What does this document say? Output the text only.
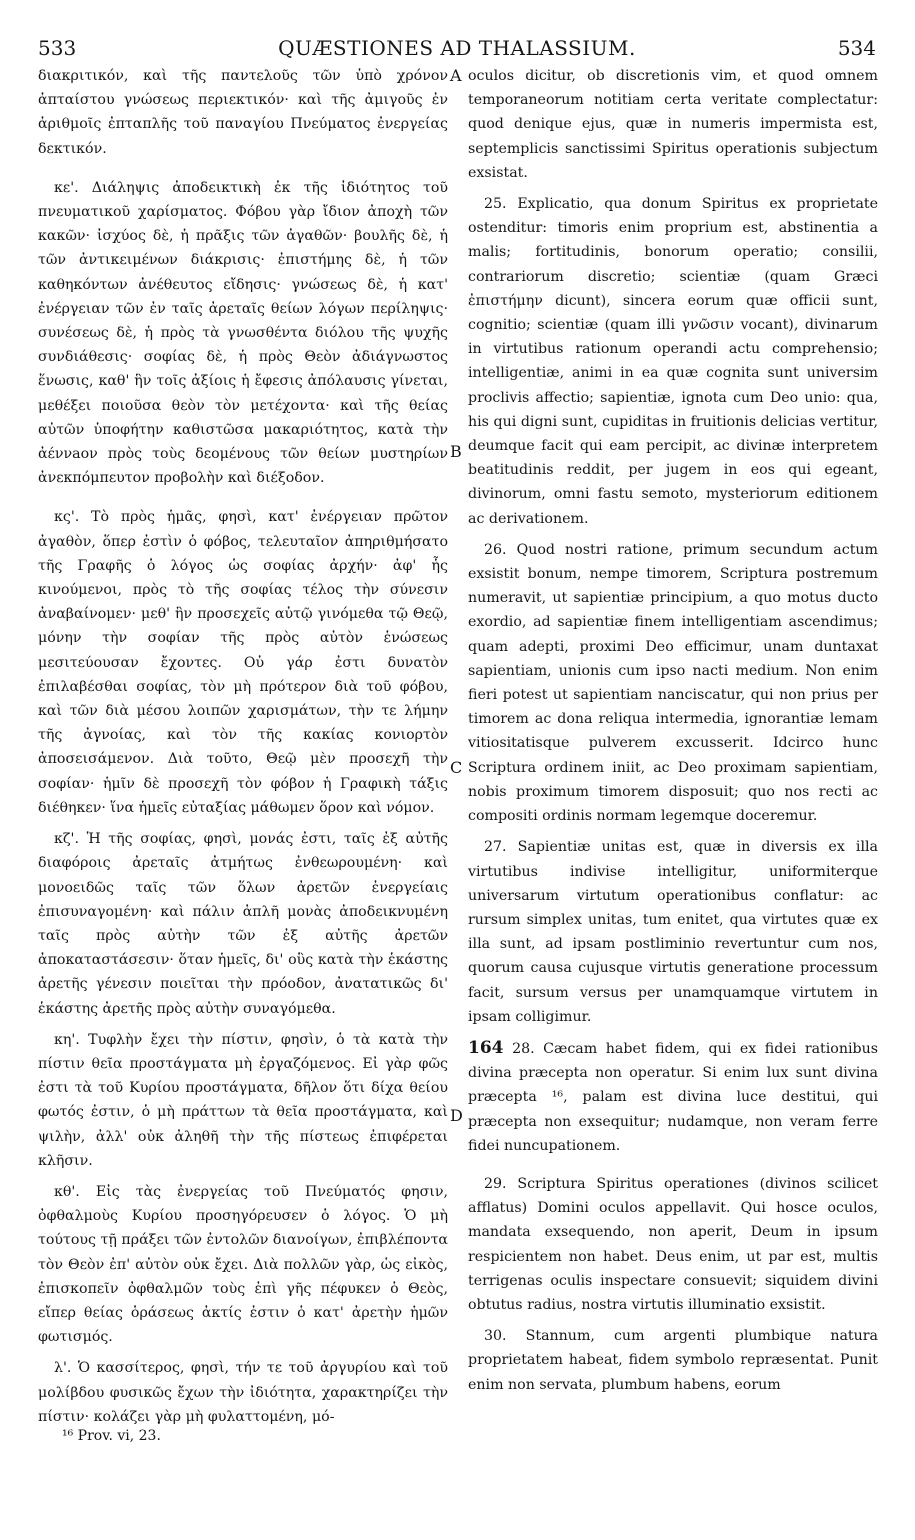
533	QUÆSTIONES AD THALASSIUM.	534

διακριτικόν, καὶ τῆς παντελοῦς τῶν ὑπὸ χρόνον ἀπταίστου γνώσεως περιεκτικόν· καὶ τῆς ἀμιγοῦς ἐν ἀριθμοῖς ἐπταπλῆς τοῦ παναγίου Πνεύματος ἐνεργείας δεκτικόν.

κε'. Διάληψις ἀποδεικτικὴ ἐκ τῆς ἰδιότητος τοῦ πνευματικοῦ χαρίσματος. Φόβου γὰρ ἴδιον ἀποχὴ τῶν κακῶν· ἰσχύος δὲ, ἡ πρᾶξις τῶν ἀγαθῶν· βουλῆς δὲ, ἡ τῶν ἀντικειμένων διάκρισις· ἐπιστήμης δὲ, ἡ τῶν καθηκόντων ἀνέθευτος εἴδησις· γνώσεως δὲ, ἡ κατ' ἐνέργειαν τῶν ἐν ταῖς ἀρεταῖς θείων λόγων περίληψις· συνέσεως δὲ, ἡ πρὸς τὰ γνωσθέντα διόλου τῆς ψυχῆς συνδιάθεσις· σοφίας δὲ, ἡ πρὸς Θεὸν ἀδιάγνωστος ἕνωσις, καθ' ἣν τοῖς ἀξίοις ἡ ἔφεσις ἀπόλαυσις γίνεται, μεθέξει ποιοῦσα θεὸν τὸν μετέχοντα· καὶ τῆς θείας αὐτῶν ὑποφήτην καθιστῶσα μακαριότητος, κατὰ τὴν ἀέννaον πρὸς τοὺς δεομένους τῶν θείων μυστηρίων ἀνεκπόμπευτον προβολὴν καὶ διέξοδον.

κς'. Τὸ πρὸς ἡμᾶς, φησὶ, κατ' ἐνέργειαν πρῶτον ἀγαθὸν, ὅπερ ἐστὶν ὁ φόβος, τελευταῖον ἀπηριθμήσατο τῆς Γραφῆς ὁ λόγος ὡς σοφίας ἀρχήν· ἀφ' ἧς κινούμενοι, πρὸς τὸ τῆς σοφίας τέλος τὴν σύνεσιν ἀναβαίνομεν· μεθ' ἣν προσεχεῖς αὐτῷ γινόμεθα τῷ Θεῷ, μόνην τὴν σοφίαν τῆς πρὸς αὐτὸν ἑνώσεως μεσιτεύουσαν ἔχοντες. Οὐ γάρ ἐστι δυνατὸν ἐπιλαβέσθαι σοφίας, τὸν μὴ πρότερον διὰ τοῦ φόβου, καὶ τῶν διὰ μέσου λοιπῶν χαρισμάτων, τὴν τε λήμην τῆς ἀγνοίας, καὶ τὸν τῆς κακίας κονιορτὸν ἀποσεισάμενον. Διὰ τοῦτο, Θεῷ μὲν προσεχῆ τὴν σοφίαν· ἡμῖν δὲ προσεχῆ τὸν φόβον ἡ Γραφικὴ τάξις διέθηκεν· ἵνα ἡμεῖς εὐταξίας μάθωμεν ὅρον καὶ νόμον.

κζ'. Ἡ τῆς σοφίας, φησὶ, μονάς ἐστι, ταῖς ἐξ αὐτῆς διαφόροις ἀρεταῖς ἀτμήτως ἐνθεωρουμένη· καὶ μονοειδῶς ταῖς τῶν ὅλων ἀρετῶν ἐνεργείαις ἐπισυναγομένη· καὶ πάλιν ἁπλῆ μονὰς ἀποδεικνυμένη ταῖς πρὸς αὐτὴν τῶν ἐξ αὐτῆς ἀρετῶν ἀποκαταστάσεσιν· ὅταν ἡμεῖς, δι' οὓς κατὰ τὴν ἑκάστης ἀρετῆς γένεσιν ποιεῖται τὴν πρόοδον, ἀνατατικῶς δι' ἑκάστης ἀρετῆς πρὸς αὐτὴν συναγόμεθα.

κη'. Τυφλὴν ἔχει τὴν πίστιν, φησὶν, ὁ τὰ κατὰ τὴν πίστιν θεῖα προστάγματα μὴ ἐργαζόμενος. Εἰ γὰρ φῶς ἐστι τὰ τοῦ Κυρίου προστάγματα, δῆλον ὅτι δίχα θείου φωτός ἐστιν, ὁ μὴ πράττων τὰ θεῖα προστάγματα, καὶ ψιλὴν, ἀλλ' οὐκ ἀληθῆ τὴν τῆς πίστεως ἐπιφέρεται κλῆσιν.

κθ'. Εἰς τὰς ἐνεργείας τοῦ Πνεύματός φησιν, ὀφθαλμοὺς Κυρίου προσηγόρευσεν ὁ λόγος. Ὁ μὴ τούτους τῇ πράξει τῶν ἐντολῶν διανοίγων, ἐπιβλέποντα τὸν Θεὸν ἐπ' αὐτὸν οὐκ ἔχει. Διὰ πολλῶν γὰρ, ὡς εἰκὸς, ἐπισκοπεῖν ὀφθαλμῶν τοὺς ἐπὶ γῆς πέφυκεν ὁ Θεὸς, εἴπερ θείας ὁράσεως ἀκτίς ἐστιν ὁ κατ' ἀρετὴν ἡμῶν φωτισμός.

λ'. Ὁ κασσίτερος, φησὶ, τήν τε τοῦ ἀργυρίου καὶ τοῦ μολίβδου φυσικῶς ἔχων τὴν ἰδιότητα, χαρακτηρίζει τὴν πίστιν· κολάζει γὰρ μὴ φυλαττομένη, μό-

oculos dicitur, ob discretionis vim, et quod omnem temporaneorum notitiam certa veritate complectatur: quod denique ejus, quæ in numeris impermista est, septemplicis sanctissimi Spiritus operationis subjectum exsistat.

25. Explicatio, qua donum Spiritus ex proprietate ostenditur: timoris enim proprium est, abstinentia a malis; fortitudinis, bonorum operatio; consilii, contrariorum discretio; scientiæ (quam Græci ἐπιστήμην dicunt), sincera eorum quæ officii sunt, cognitio; scientiæ (quam illi γνῶσιν vocant), divinarum in virtutibus rationum operandi actu comprehensio; intelligentiæ, animi in ea quæ cognita sunt universim proclivis affectio; sapientiæ, ignota cum Deo unio: qua, his qui digni sunt, cupiditas in fruitionis delicias vertitur, deumque facit qui eam percipit, ac divinæ interpretem beatitudinis reddit, per jugem in eos qui egeant, divinorum, omni fastu semoto, mysteriorum editionem ac derivationem.

26. Quod nostri ratione, primum secundum actum exsistit bonum, nempe timorem, Scriptura postremum numeravit, ut sapientiæ principium, a quo motus ducto exordio, ad sapientiæ finem intelligentiam ascendimus; quam adepti, proximi Deo efficimur, unam duntaxat sapientiam, unionis cum ipso nacti medium. Non enim fieri potest ut sapientiam nanciscatur, qui non prius per timorem ac dona reliqua intermedia, ignorantiæ lemam vitiositatisque pulverem excusserit. Idcirco hunc Scriptura ordinem iniit, ac Deo proximam sapientiam, nobis proximum timorem disposuit; quo nos recti ac compositi ordinis normam legemque doceremur.

27. Sapientiæ unitas est, quæ in diversis ex illa virtutibus indivise intelligitur, uniformiterque universarum virtutum operationibus conflatur: ac rursum simplex unitas, tum enitet, qua virtutes quæ ex illa sunt, ad ipsam postliminio revertuntur cum nos, quorum causa cujusque virtutis generatione processum facit, sursum versus per unamquamque virtutem in ipsam colligimur.

164 28. Cæcam habet fidem, qui ex fidei rationibus divina præcepta non operatur. Si enim lux sunt divina præcepta ¹⁶, palam est divina luce destitui, qui præcepta non exsequitur; nudamque, non veram ferre fidei nuncupationem.

29. Scriptura Spiritus operationes (divinos scilicet afflatus) Domini oculos appellavit. Qui hosce oculos, mandata exsequendo, non aperit, Deum in ipsum respicientem non habet. Deus enim, ut par est, multis terrigenas oculis inspectare consuevit; siquidem divini obtutus radius, nostra virtutis illuminatio exsistit.

30. Stannum, cum argenti plumbique natura proprietatem habeat, fidem symbolo repræsentat. Punit enim non servata, plumbum habens, eorum

A
B
C
D
¹⁶ Prov. vi, 23.
